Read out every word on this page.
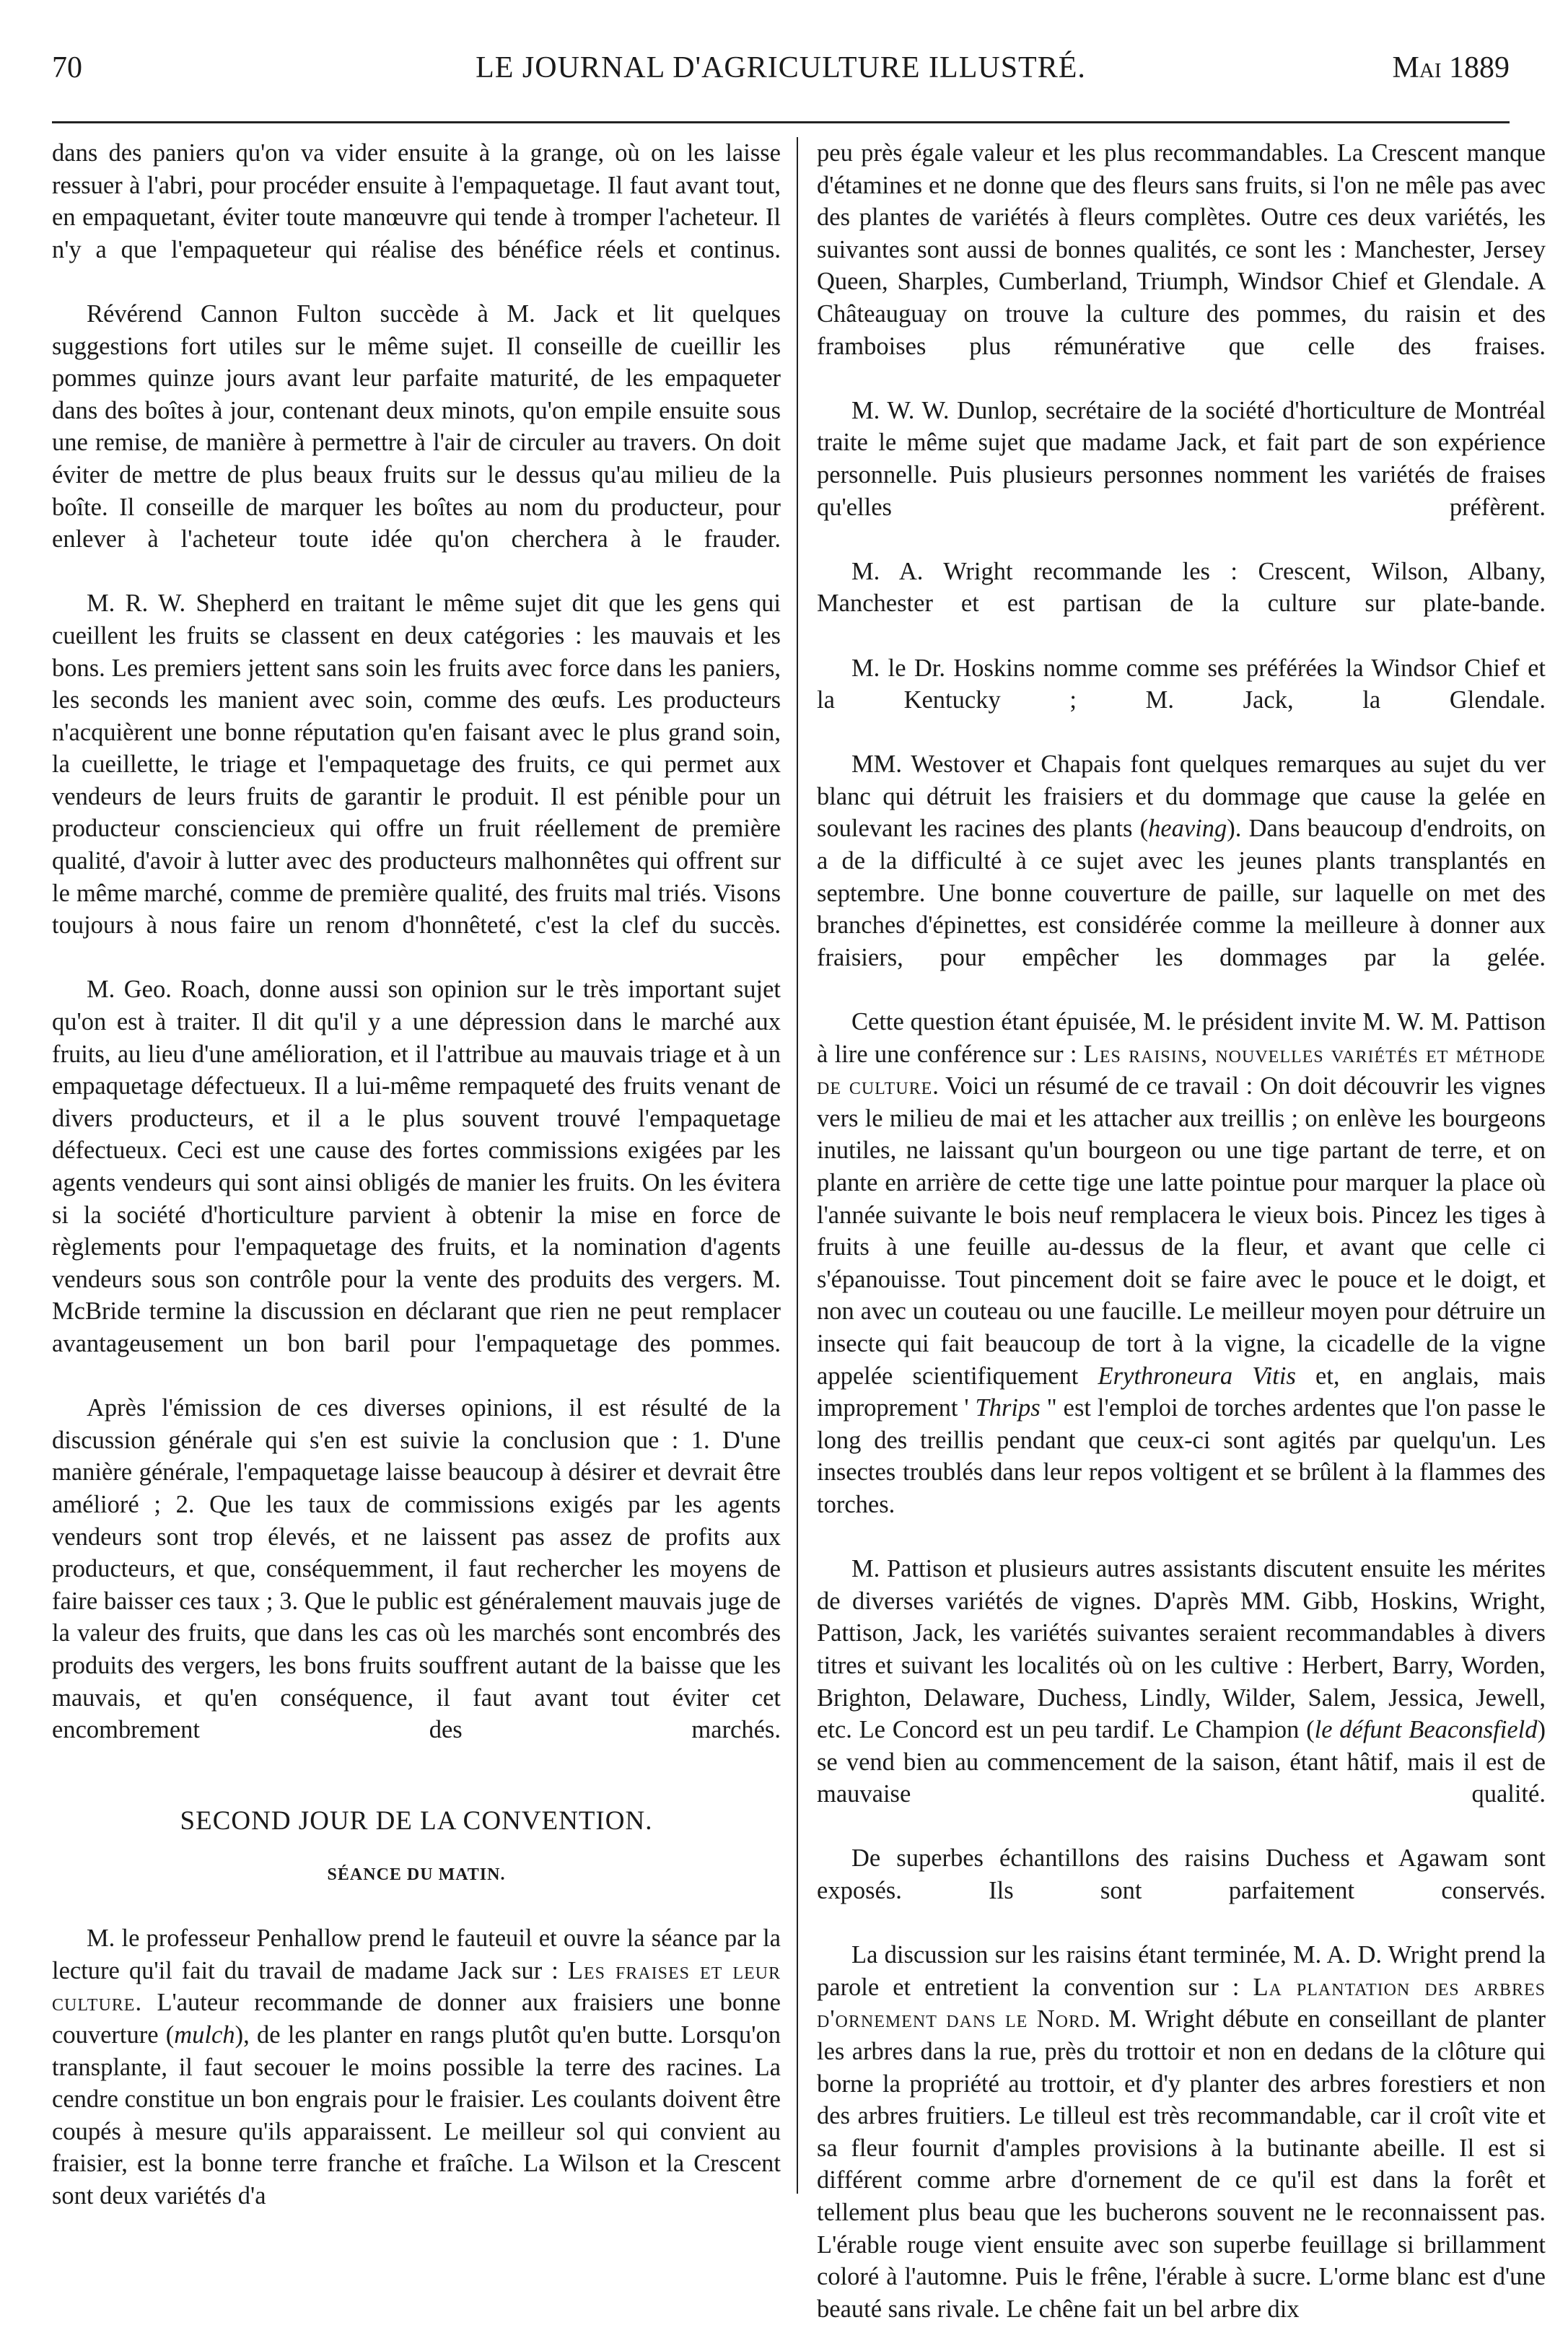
70	LE JOURNAL D'AGRICULTURE ILLUSTRÉ.	Mai 1889

dans des paniers qu'on va vider ensuite à la grange, où on les laisse ressuer à l'abri, pour procéder ensuite à l'empaquetage. Il faut avant tout, en empaquetant, éviter toute manœuvre qui tende à tromper l'acheteur. Il n'y a que l'empaqueteur qui réalise des bénéfice réels et continus.

Révérend Cannon Fulton succède à M. Jack et lit quelques suggestions fort utiles sur le même sujet. Il conseille de cueillir les pommes quinze jours avant leur parfaite maturité, de les empaqueter dans des boîtes à jour, contenant deux minots, qu'on empile ensuite sous une remise, de manière à permettre à l'air de circuler au travers. On doit éviter de mettre de plus beaux fruits sur le dessus qu'au milieu de la boîte. Il conseille de marquer les boîtes au nom du producteur, pour enlever à l'acheteur toute idée qu'on cherchera à le frauder.

M. R. W. Shepherd en traitant le même sujet dit que les gens qui cueillent les fruits se classent en deux catégories : les mauvais et les bons. Les premiers jettent sans soin les fruits avec force dans les paniers, les seconds les manient avec soin, comme des œufs. Les producteurs n'acquièrent une bonne réputation qu'en faisant avec le plus grand soin, la cueillette, le triage et l'empaquetage des fruits, ce qui permet aux vendeurs de leurs fruits de garantir le produit. Il est pénible pour un producteur consciencieux qui offre un fruit réellement de première qualité, d'avoir à lutter avec des producteurs malhonnêtes qui offrent sur le même marché, comme de première qualité, des fruits mal triés. Visons toujours à nous faire un renom d'honnêteté, c'est la clef du succès.

M. Geo. Roach, donne aussi son opinion sur le très important sujet qu'on est à traiter. Il dit qu'il y a une dépression dans le marché aux fruits, au lieu d'une amélioration, et il l'attribue au mauvais triage et à un empaquetage défectueux. Il a lui-même rempaqueté des fruits venant de divers producteurs, et il a le plus souvent trouvé l'empaquetage défectueux. Ceci est une cause des fortes commissions exigées par les agents vendeurs qui sont ainsi obligés de manier les fruits. On les évitera si la société d'horticulture parvient à obtenir la mise en force de règlements pour l'empaquetage des fruits, et la nomination d'agents vendeurs sous son contrôle pour la vente des produits des vergers. M. McBride termine la discussion en déclarant que rien ne peut remplacer avantageusement un bon baril pour l'empaquetage des pommes.

Après l'émission de ces diverses opinions, il est résulté de la discussion générale qui s'en est suivie la conclusion que : 1. D'une manière générale, l'empaquetage laisse beaucoup à désirer et devrait être amélioré ; 2. Que les taux de commissions exigés par les agents vendeurs sont trop élevés, et ne laissent pas assez de profits aux producteurs, et que, conséquemment, il faut rechercher les moyens de faire baisser ces taux ; 3. Que le public est généralement mauvais juge de la valeur des fruits, que dans les cas où les marchés sont encombrés des produits des vergers, les bons fruits souffrent autant de la baisse que les mauvais, et qu'en conséquence, il faut avant tout éviter cet encombrement des marchés.

SECOND JOUR DE LA CONVENTION.
SÉANCE DU MATIN.

M. le professeur Penhallow prend le fauteuil et ouvre la séance par la lecture qu'il fait du travail de madame Jack sur : Les fraises et leur culture. L'auteur recommande de donner aux fraisiers une bonne couverture (mulch), de les planter en rangs plutôt qu'en butte. Lorsqu'on transplante, il faut secouer le moins possible la terre des racines. La cendre constitue un bon engrais pour le fraisier. Les coulants doivent être coupés à mesure qu'ils apparaissent. Le meilleur sol qui convient au fraisier, est la bonne terre franche et fraîche. La Wilson et la Crescent sont deux variétés d'a

peu près égale valeur et les plus recommandables. La Crescent manque d'étamines et ne donne que des fleurs sans fruits, si l'on ne mêle pas avec des plantes de variétés à fleurs complètes. Outre ces deux variétés, les suivantes sont aussi de bonnes qualités, ce sont les : Manchester, Jersey Queen, Sharples, Cumberland, Triumph, Windsor Chief et Glendale. A Châteauguay on trouve la culture des pommes, du raisin et des framboises plus rémunérative que celle des fraises.

M. W. W. Dunlop, secrétaire de la société d'horticulture de Montréal traite le même sujet que madame Jack, et fait part de son expérience personnelle. Puis plusieurs personnes nomment les variétés de fraises qu'elles préfèrent.

M. A. Wright recommande les : Crescent, Wilson, Albany, Manchester et est partisan de la culture sur plate-bande.

M. le Dr. Hoskins nomme comme ses préférées la Windsor Chief et la Kentucky ; M. Jack, la Glendale.

MM. Westover et Chapais font quelques remarques au sujet du ver blanc qui détruit les fraisiers et du dommage que cause la gelée en soulevant les racines des plants (heaving). Dans beaucoup d'endroits, on a de la difficulté à ce sujet avec les jeunes plants transplantés en septembre. Une bonne couverture de paille, sur laquelle on met des branches d'épinettes, est considérée comme la meilleure à donner aux fraisiers, pour empêcher les dommages par la gelée.

Cette question étant épuisée, M. le président invite M. W. M. Pattison à lire une conférence sur : Les raisins, nouvelles variétés et méthode de culture. Voici un résumé de ce travail : On doit découvrir les vignes vers le milieu de mai et les attacher aux treillis ; on enlève les bourgeons inutiles, ne laissant qu'un bourgeon ou une tige partant de terre, et on plante en arrière de cette tige une latte pointue pour marquer la place où l'année suivante le bois neuf remplacera le vieux bois. Pincez les tiges à fruits à une feuille au-dessus de la fleur, et avant que celle ci s'épanouisse. Tout pincement doit se faire avec le pouce et le doigt, et non avec un couteau ou une faucille. Le meilleur moyen pour détruire un insecte qui fait beaucoup de tort à la vigne, la cicadelle de la vigne appelée scientifiquement Erythroneura Vitis et, en anglais, mais improprement ' Thrips " est l'emploi de torches ardentes que l'on passe le long des treillis pendant que ceux-ci sont agités par quelqu'un. Les insectes troublés dans leur repos voltigent et se brûlent à la flammes des torches.

M. Pattison et plusieurs autres assistants discutent ensuite les mérites de diverses variétés de vignes. D'après MM. Gibb, Hoskins, Wright, Pattison, Jack, les variétés suivantes seraient recommandables à divers titres et suivant les localités où on les cultive : Herbert, Barry, Worden, Brighton, Delaware, Duchess, Lindly, Wilder, Salem, Jessica, Jewell, etc. Le Concord est un peu tardif. Le Champion (le défunt Beaconsfield) se vend bien au commencement de la saison, étant hâtif, mais il est de mauvaise qualité.

De superbes échantillons des raisins Duchess et Agawam sont exposés. Ils sont parfaitement conservés.

La discussion sur les raisins étant terminée, M. A. D. Wright prend la parole et entretient la convention sur : La plantation des arbres d'ornement dans le Nord. M. Wright débute en conseillant de planter les arbres dans la rue, près du trottoir et non en dedans de la clôture qui borne la propriété au trottoir, et d'y planter des arbres forestiers et non des arbres fruitiers. Le tilleul est très recommandable, car il croît vite et sa fleur fournit d'amples provisions à la butinante abeille. Il est si différent comme arbre d'ornement de ce qu'il est dans la forêt et tellement plus beau que les bucherons souvent ne le reconnaissent pas. L'érable rouge vient ensuite avec son superbe feuillage si brillamment coloré à l'automne. Puis le frêne, l'érable à sucre. L'orme blanc est d'une beauté sans rivale. Le chêne fait un bel arbre dix
